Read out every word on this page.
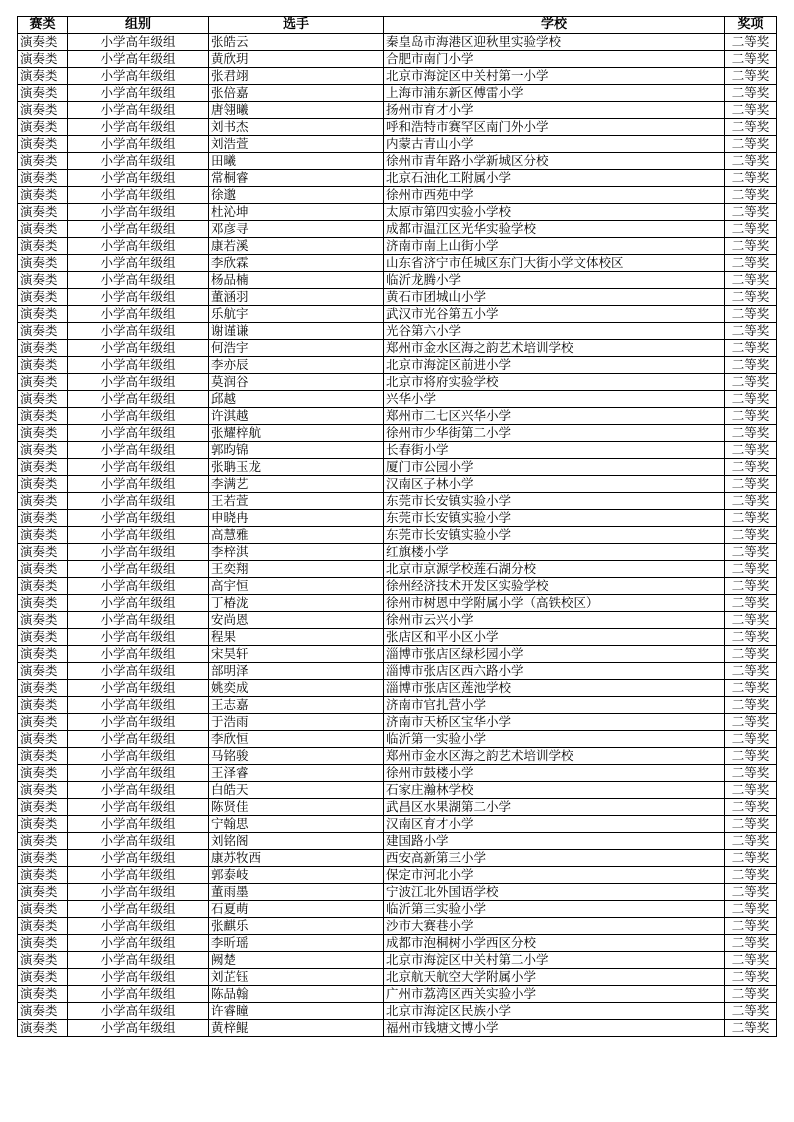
赛类	组别	选手	学校	奖项
演奏类	小学高年级组	张皓云	秦皇岛市海港区迎秋里实验学校	二等奖
演奏类	小学高年级组	黄欣玥	合肥市南门小学	二等奖
演奏类	小学高年级组	张君翊	北京市海淀区中关村第一小学	二等奖
演奏类	小学高年级组	张倍嘉	上海市浦东新区傅雷小学	二等奖
演奏类	小学高年级组	唐翎曦	扬州市育才小学	二等奖
演奏类	小学高年级组	刘书杰	呼和浩特市赛罕区南门外小学	二等奖
演奏类	小学高年级组	刘浩萱	内蒙古青山小学	二等奖
演奏类	小学高年级组	田曦	徐州市青年路小学新城区分校	二等奖
演奏类	小学高年级组	常桐睿	北京石油化工附属小学	二等奖
演奏类	小学高年级组	徐邈	徐州市西苑中学	二等奖
演奏类	小学高年级组	杜沁坤	太原市第四实验小学校	二等奖
演奏类	小学高年级组	邓彦寻	成都市温江区光华实验学校	二等奖
演奏类	小学高年级组	康若溪	济南市南上山街小学	二等奖
演奏类	小学高年级组	李欣霖	山东省济宁市任城区东门大街小学文体校区	二等奖
演奏类	小学高年级组	杨品楠	临沂龙腾小学	二等奖
演奏类	小学高年级组	董涵羽	黄石市团城山小学	二等奖
演奏类	小学高年级组	乐航宇	武汉市光谷第五小学	二等奖
演奏类	小学高年级组	谢谨谦	光谷第六小学	二等奖
演奏类	小学高年级组	何浩宇	郑州市金水区海之韵艺术培训学校	二等奖
演奏类	小学高年级组	李亦辰	北京市海淀区前进小学	二等奖
演奏类	小学高年级组	莫润谷	北京市将府实验学校	二等奖
演奏类	小学高年级组	邱越	兴华小学	二等奖
演奏类	小学高年级组	许淇越	郑州市二七区兴华小学	二等奖
演奏类	小学高年级组	张耀梓航	徐州市少华街第二小学	二等奖
演奏类	小学高年级组	郭昀锦	长春街小学	二等奖
演奏类	小学高年级组	张聃玉龙	厦门市公园小学	二等奖
演奏类	小学高年级组	李满艺	汉南区子林小学	二等奖
演奏类	小学高年级组	王若萱	东莞市长安镇实验小学	二等奖
演奏类	小学高年级组	申晓冉	东莞市长安镇实验小学	二等奖
演奏类	小学高年级组	高慧雅	东莞市长安镇实验小学	二等奖
演奏类	小学高年级组	李梓淇	红旗楼小学	二等奖
演奏类	小学高年级组	王奕翔	北京市京源学校莲石湖分校	二等奖
演奏类	小学高年级组	高宇恒	徐州经济技术开发区实验学校	二等奖
演奏类	小学高年级组	丁椿泷	徐州市树恩中学附属小学（高铁校区）	二等奖
演奏类	小学高年级组	安尚恩	徐州市云兴小学	二等奖
演奏类	小学高年级组	程果	张店区和平小区小学	二等奖
演奏类	小学高年级组	宋昊轩	淄博市张店区绿杉园小学	二等奖
演奏类	小学高年级组	部明泽	淄博市张店区西六路小学	二等奖
演奏类	小学高年级组	姚奕成	淄博市张店区莲池学校	二等奖
演奏类	小学高年级组	王志嘉	济南市官扎营小学	二等奖
演奏类	小学高年级组	于浩雨	济南市天桥区宝华小学	二等奖
演奏类	小学高年级组	李欣恒	临沂第一实验小学	二等奖
演奏类	小学高年级组	马铭骏	郑州市金水区海之韵艺术培训学校	二等奖
演奏类	小学高年级组	王泽睿	徐州市鼓楼小学	二等奖
演奏类	小学高年级组	白皓天	石家庄瀚林学校	二等奖
演奏类	小学高年级组	陈贤佳	武昌区水果湖第二小学	二等奖
演奏类	小学高年级组	宁翰思	汉南区育才小学	二等奖
演奏类	小学高年级组	刘铭阁	建国路小学	二等奖
演奏类	小学高年级组	康苏牧西	西安高新第三小学	二等奖
演奏类	小学高年级组	郭泰岐	保定市河北小学	二等奖
演奏类	小学高年级组	董雨墨	宁波江北外国语学校	二等奖
演奏类	小学高年级组	石夏萌	临沂第三实验小学	二等奖
演奏类	小学高年级组	张麒乐	沙市大赛巷小学	二等奖
演奏类	小学高年级组	李昕瑶	成都市泡桐树小学西区分校	二等奖
演奏类	小学高年级组	阙楚	北京市海淀区中关村第二小学	二等奖
演奏类	小学高年级组	刘芷钰	北京航天航空大学附属小学	二等奖
演奏类	小学高年级组	陈品翰	广州市荔湾区西关实验小学	二等奖
演奏类	小学高年级组	许睿瞳	北京市海淀区民族小学	二等奖
演奏类	小学高年级组	黄梓鲲	福州市钱塘文博小学	二等奖
